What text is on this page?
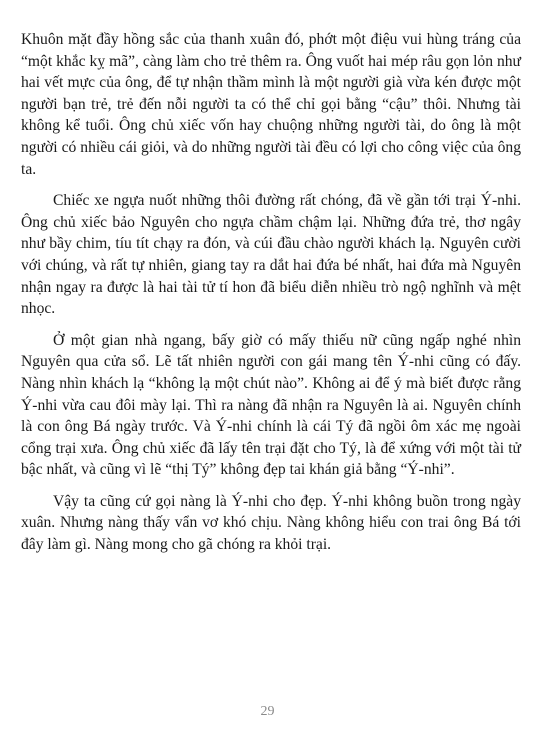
Khuôn mặt đầy hồng sắc của thanh xuân đó, phớt một điệu vui hùng tráng của “một khắc kỵ mã”, càng làm cho trẻ thêm ra. Ông vuốt hai mép râu gọn lỏn như hai vết mực của ông, để tự nhận thầm mình là một người già vừa kén được một người bạn trẻ, trẻ đến nỗi người ta có thể chỉ gọi bằng “cậu” thôi. Nhưng tài không kể tuổi. Ông chủ xiếc vốn hay chuộng những người tài, do ông là một người có nhiều cái giỏi, và do những người tài đều có lợi cho công việc của ông ta.

Chiếc xe ngựa nuốt những thôi đường rất chóng, đã về gần tới trại Ý-nhi. Ông chủ xiếc bảo Nguyên cho ngựa chầm chậm lại. Những đứa trẻ, thơ ngây như bầy chim, tíu tít chạy ra đón, và cúi đầu chào người khách lạ. Nguyên cười với chúng, và rất tự nhiên, giang tay ra dắt hai đứa bé nhất, hai đứa mà Nguyên nhận ngay ra được là hai tài tử tí hon đã biểu diễn nhiều trò ngộ nghĩnh và mệt nhọc.

Ở một gian nhà ngang, bấy giờ có mấy thiếu nữ cũng ngấp nghé nhìn Nguyên qua cửa sổ. Lẽ tất nhiên người con gái mang tên Ý-nhi cũng có đấy. Nàng nhìn khách lạ “không lạ một chút nào”. Không ai để ý mà biết được rằng Ý-nhi vừa cau đôi mày lại. Thì ra nàng đã nhận ra Nguyên là ai. Nguyên chính là con ông Bá ngày trước. Và Ý-nhi chính là cái Tý đã ngồi ôm xác mẹ ngoài cổng trại xưa. Ông chủ xiếc đã lấy tên trại đặt cho Tý, là để xứng với một tài tử bậc nhất, và cũng vì lẽ “thị Tý” không đẹp tai khán giả bằng “Ý-nhi”.

Vậy ta cũng cứ gọi nàng là Ý-nhi cho đẹp. Ý-nhi không buồn trong ngày xuân. Nhưng nàng thấy vẩn vơ khó chịu. Nàng không hiểu con trai ông Bá tới đây làm gì. Nàng mong cho gã chóng ra khỏi trại.

29
